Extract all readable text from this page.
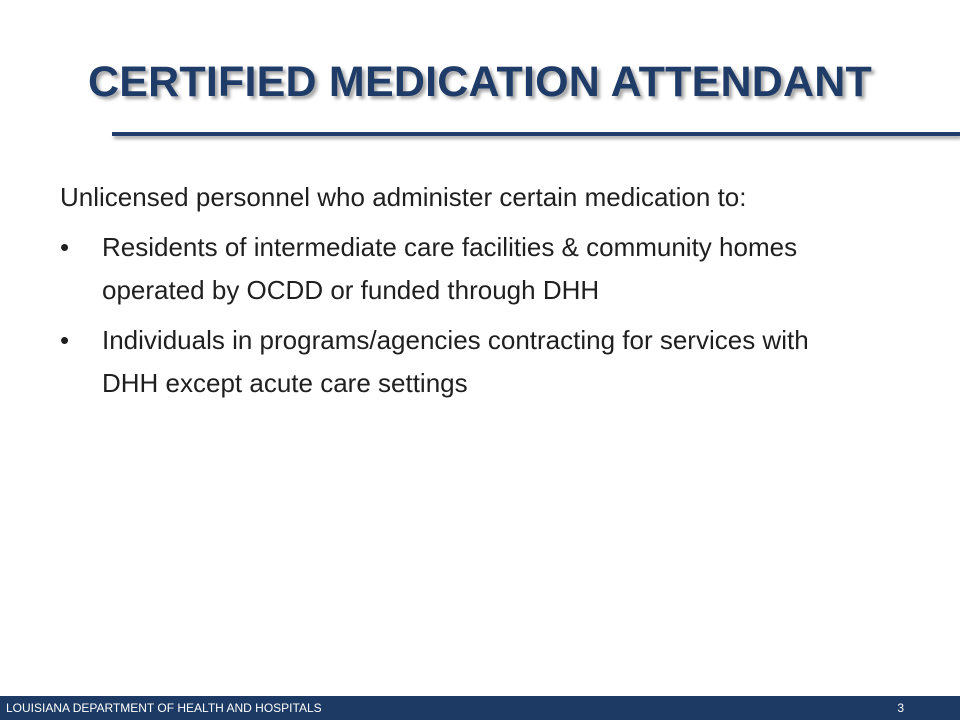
CERTIFIED MEDICATION ATTENDANT

Unlicensed personnel who administer certain medication to:

•	Residents of intermediate care facilities & community homes operated by OCDD or funded through DHH
•	Individuals in programs/agencies contracting for services with DHH except acute care settings
LOUISIANA DEPARTMENT OF HEALTH AND HOSPITALS	3
